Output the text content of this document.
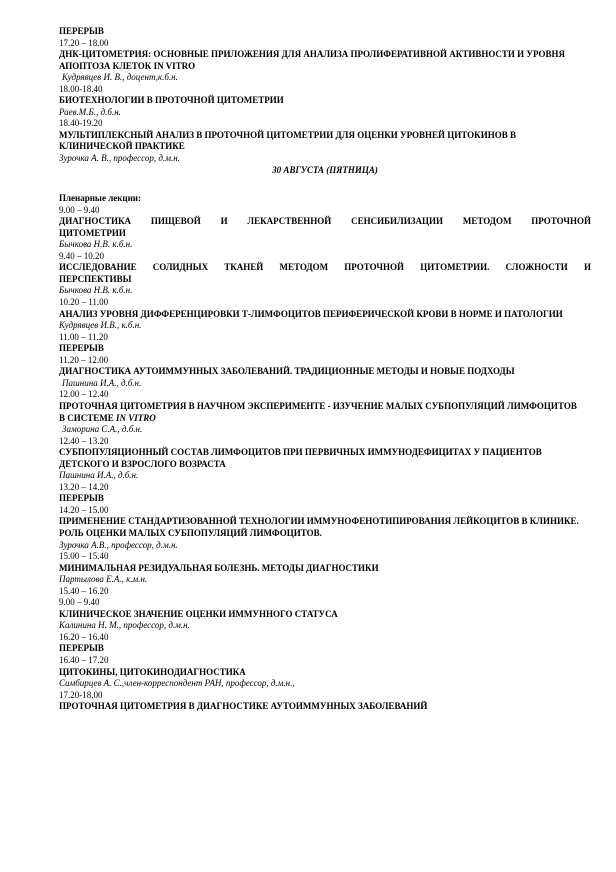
ПЕРЕРЫВ
17.20 – 18.00
ДНК-ЦИТОМЕТРИЯ: ОСНОВНЫЕ ПРИЛОЖЕНИЯ ДЛЯ АНАЛИЗА ПРОЛИФЕРАТИВНОЙ АКТИВНОСТИ И УРОВНЯ АПОПТОЗА КЛЕТОК IN VITRO
Кудрявцев И. В., доцент,к.б.н.
18.00-18.40
БИОТЕХНОЛОГИИ В ПРОТОЧНОЙ ЦИТОМЕТРИИ
Раев.М.Б., д.б.н.
18.40-19.20
МУЛЬТИПЛЕКСНЫЙ АНАЛИЗ В ПРОТОЧНОЙ ЦИТОМЕТРИИ ДЛЯ ОЦЕНКИ УРОВНЕЙ ЦИТОКИНОВ В КЛИНИЧЕСКОЙ ПРАКТИКЕ
Зурочка А. В., профессор, д.м.н.
30 АВГУСТА (ПЯТНИЦА)
Пленарные лекции:
9.00 – 9.40
ДИАГНОСТИКА ПИЩЕВОЙ И ЛЕКАРСТВЕННОЙ СЕНСИБИЛИЗАЦИИ МЕТОДОМ ПРОТОЧНОЙ
ЦИТОМЕТРИИ
Бычкова Н.В. к.б.н.
9.40 – 10.20
ИССЛЕДОВАНИЕ СОЛИДНЫХ ТКАНЕЙ МЕТОДОМ ПРОТОЧНОЙ ЦИТОМЕТРИИ. СЛОЖНОСТИ И
ПЕРСПЕКТИВЫ
Бычкова Н.В. к.б.н.
10.20 – 11.00
АНАЛИЗ УРОВНЯ ДИФФЕРЕНЦИРОВКИ Т-ЛИМФОЦИТОВ ПЕРИФЕРИЧЕСКОЙ КРОВИ В НОРМЕ И ПАТОЛОГИИ
Кудрявцев И.В., к.б.н.
11.00 – 11.20
ПЕРЕРЫВ
11.20 – 12.00
ДИАГНОСТИКА АУТОИММУННЫХ ЗАБОЛЕВАНИЙ. ТРАДИЦИОННЫЕ МЕТОДЫ И НОВЫЕ ПОДХОДЫ
Пашнина И.А., д.б.н.
12.00 – 12.40
ПРОТОЧНАЯ ЦИТОМЕТРИЯ В НАУЧНОМ ЭКСПЕРИМЕНТЕ - ИЗУЧЕНИЕ МАЛЫХ СУБПОПУЛЯЦИЙ ЛИМФОЦИТОВ В СИСТЕМЕ IN VITRO
Заморина С.А., д.б.н.
12.40 – 13.20
СУБПОПУЛЯЦИОННЫЙ СОСТАВ ЛИМФОЦИТОВ ПРИ ПЕРВИЧНЫХ ИММУНОДЕФИЦИТАХ У ПАЦИЕНТОВ ДЕТСКОГО И ВЗРОСЛОГО ВОЗРАСТА
Пашнина И.А., д.б.н.
13.20 – 14.20
ПЕРЕРЫВ
14.20 – 15.00
ПРИМЕНЕНИЕ СТАНДАРТИЗОВАННОЙ ТЕХНОЛОГИИ ИММУНОФЕНОТИПИРОВАНИЯ ЛЕЙКОЦИТОВ В КЛИНИКЕ. РОЛЬ ОЦЕНКИ МАЛЫХ СУБПОПУЛЯЦИЙ ЛИМФОЦИТОВ.
Зурочка А.В., профессор, д.м.н.
15.00 – 15.40
МИНИМАЛЬНАЯ РЕЗИДУАЛЬНАЯ БОЛЕЗНЬ. МЕТОДЫ ДИАГНОСТИКИ
Партылова Е.А., к.м.н.
15.40 – 16.20
9.00 – 9.40
КЛИНИЧЕСКОЕ ЗНАЧЕНИЕ ОЦЕНКИ ИММУННОГО СТАТУСА
Калинина Н. М., профессор, д.м.н.
16.20 – 16.40
ПЕРЕРЫВ
16.40 – 17.20
ЦИТОКИНЫ, ЦИТОКИНОДИАГНОСТИКА
Симбирцев А. С.,член-корреспондент РАН, профессор, д.м.н.,
17.20-18.00
ПРОТОЧНАЯ ЦИТОМЕТРИЯ В ДИАГНОСТИКЕ АУТОИММУННЫХ ЗАБОЛЕВАНИЙ
